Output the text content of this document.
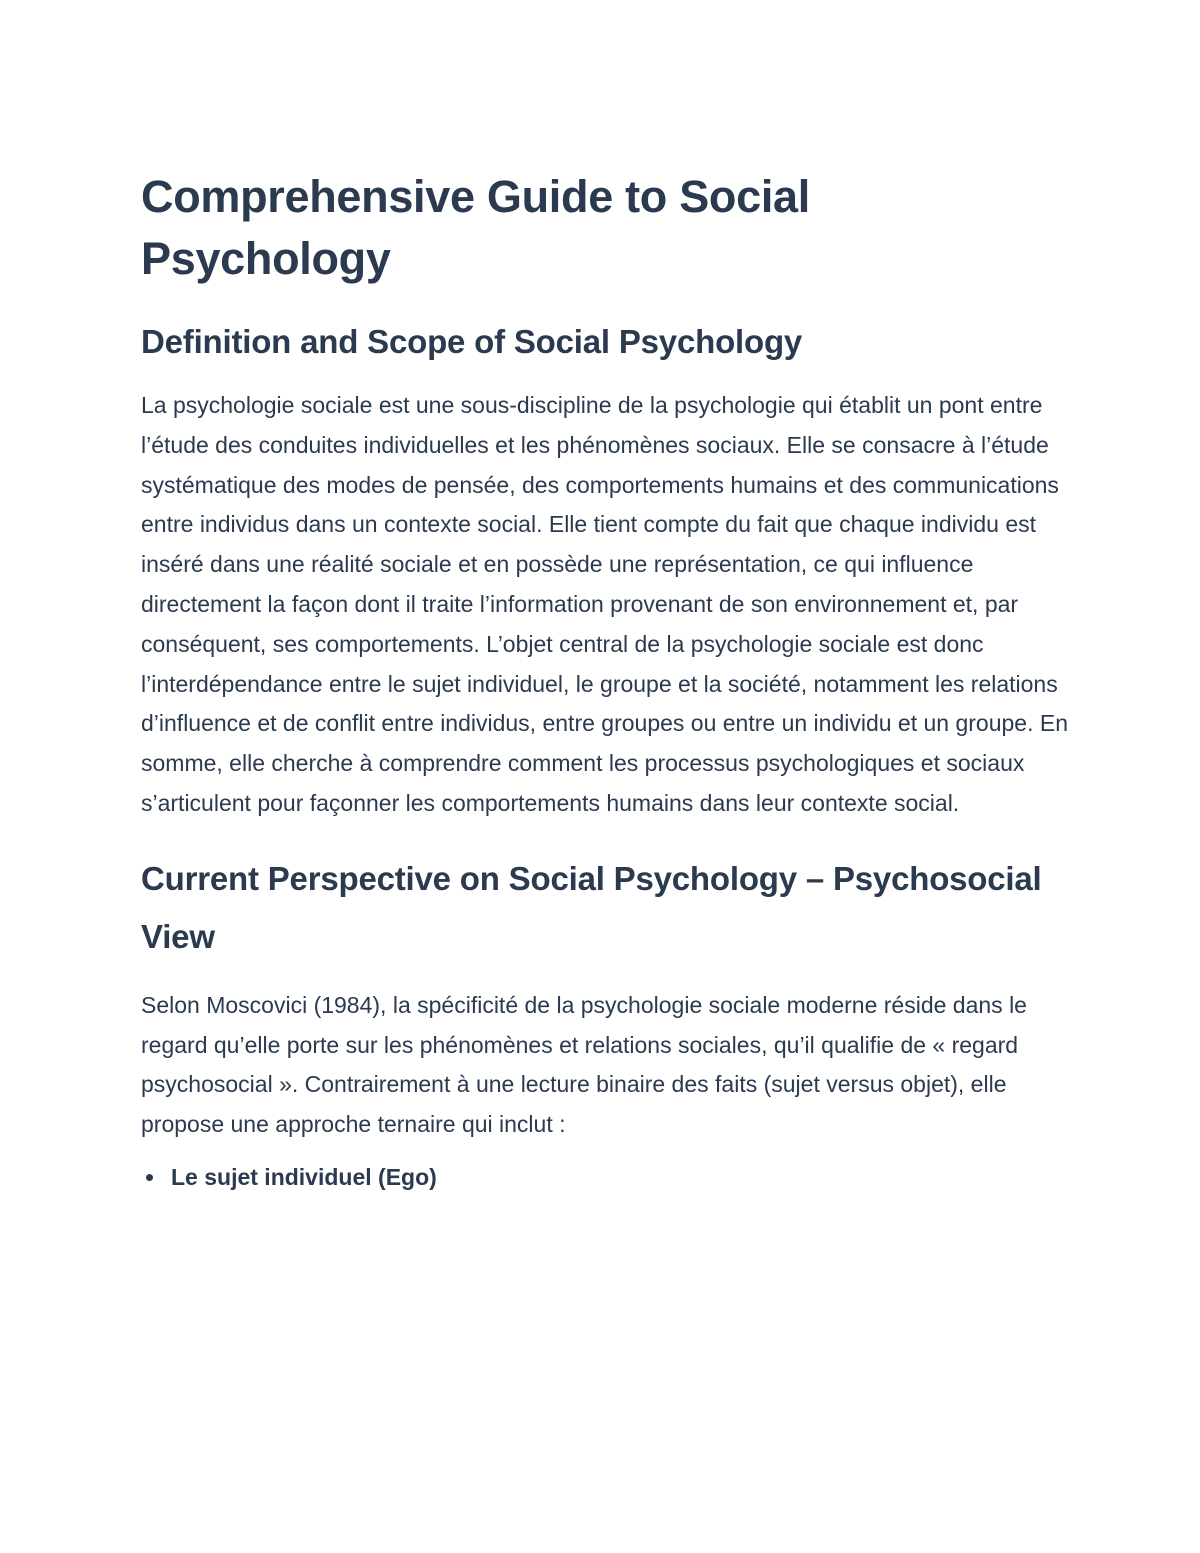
Comprehensive Guide to Social Psychology
Definition and Scope of Social Psychology

La psychologie sociale est une sous-discipline de la psychologie qui établit un pont entre l’étude des conduites individuelles et les phénomènes sociaux. Elle se consacre à l’étude systématique des modes de pensée, des comportements humains et des communications entre individus dans un contexte social. Elle tient compte du fait que chaque individu est inséré dans une réalité sociale et en possède une représentation, ce qui influence directement la façon dont il traite l’information provenant de son environnement et, par conséquent, ses comportements. L’objet central de la psychologie sociale est donc l’interdépendance entre le sujet individuel, le groupe et la société, notamment les relations d’influence et de conflit entre individus, entre groupes ou entre un individu et un groupe. En somme, elle cherche à comprendre comment les processus psychologiques et sociaux s’articulent pour façonner les comportements humains dans leur contexte social.

Current Perspective on Social Psychology – Psychosocial View

Selon Moscovici (1984), la spécificité de la psychologie sociale moderne réside dans le regard qu’elle porte sur les phénomènes et relations sociales, qu’il qualifie de « regard psychosocial ». Contrairement à une lecture binaire des faits (sujet versus objet), elle propose une approche ternaire qui inclut :

Le sujet individuel (Ego)
